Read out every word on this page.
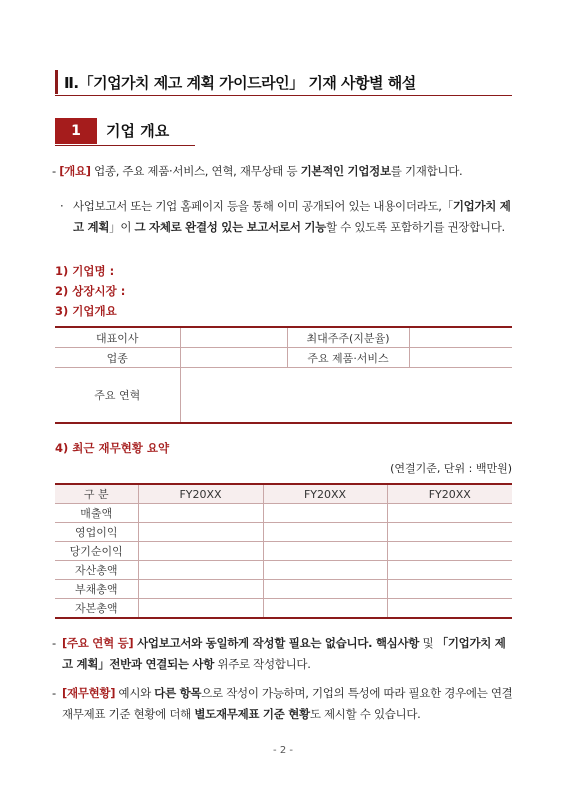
Ⅱ.「기업가치 제고 계획 가이드라인」 기재 사항별 해설
1	기업 개요
- [개요] 업종, 주요 제품·서비스, 연혁, 재무상태 등 기본적인 기업정보를 기재합니다.
· 사업보고서 또는 기업 홈페이지 등을 통해 이미 공개되어 있는 내용이더라도,「기업가치 제고 계획」이 그 자체로 완결성 있는 보고서로서 기능할 수 있도록 포함하기를 권장합니다.
1) 기업명 :
2) 상장시장 :
3) 기업개요
대표이사		최대주주(지분율)	
업종		주요 제품·서비스	
주요 연혁			
4) 최근 재무현황 요약
(연결기준, 단위 : 백만원)
구 분	FY20XX	FY20XX	FY20XX
매출액			
영업이익			
당기순이익			
자산총액			
부채총액			
자본총액			
- [주요 연혁 등] 사업보고서와 동일하게 작성할 필요는 없습니다. 핵심사항 및 「기업가치 제고 계획」전반과 연결되는 사항 위주로 작성합니다.
- [재무현황] 예시와 다른 항목으로 작성이 가능하며, 기업의 특성에 따라 필요한 경우에는 연결재무제표 기준 현황에 더해 별도재무제표 기준 현황도 제시할 수 있습니다.
- 2 -
